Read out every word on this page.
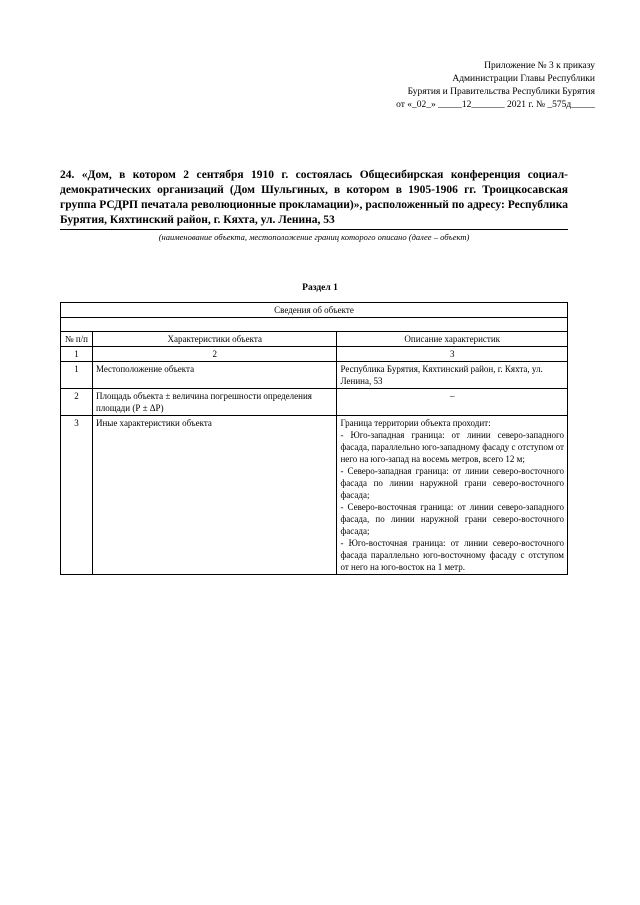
Приложение № 3 к приказу
Администрации Главы Республики
Бурятия и Правительства Республики Бурятия
от «_02_» _____12_______ 2021 г. № _575д_____

24. «Дом, в котором 2 сентября 1910 г. состоялась Общесибирская конференция социал-демократических организаций (Дом Шульгиных, в котором в 1905-1906 гг. Троицкосавская группа РСДРП печатала революционные прокламации)», расположенный по адресу: Республика Бурятия, Кяхтинский район, г. Кяхта, ул. Ленина, 53

(наименование объекта, местоположение границ которого описано (далее – объект)
Раздел 1
Сведения об объекте		

№ п/п	Характеристики объекта	Описание характеристик
1	2	3
1	Местоположение объекта	Республика Бурятия, Кяхтинский район, г. Кяхта, ул. Ленина, 53
2	Площадь объекта ± величина погрешности определения площади (Р ± ΔР)	–
3	Иные характеристики объекта	Граница территории объекта проходит:
- Юго-западная граница: от линии северо-западного фасада, параллельно юго-западному фасаду с отступом от него на юго-запад на восемь метров, всего 12 м;
- Северо-западная граница: от линии северо-восточного фасада по линии наружной грани северо-восточного фасада;
- Северо-восточная граница: от линии северо-западного фасада, по линии наружной грани северо-восточного фасада;
- Юго-восточная граница: от линии северо-восточного фасада параллельно юго-восточному фасаду с отступом от него на юго-восток на 1 метр.
